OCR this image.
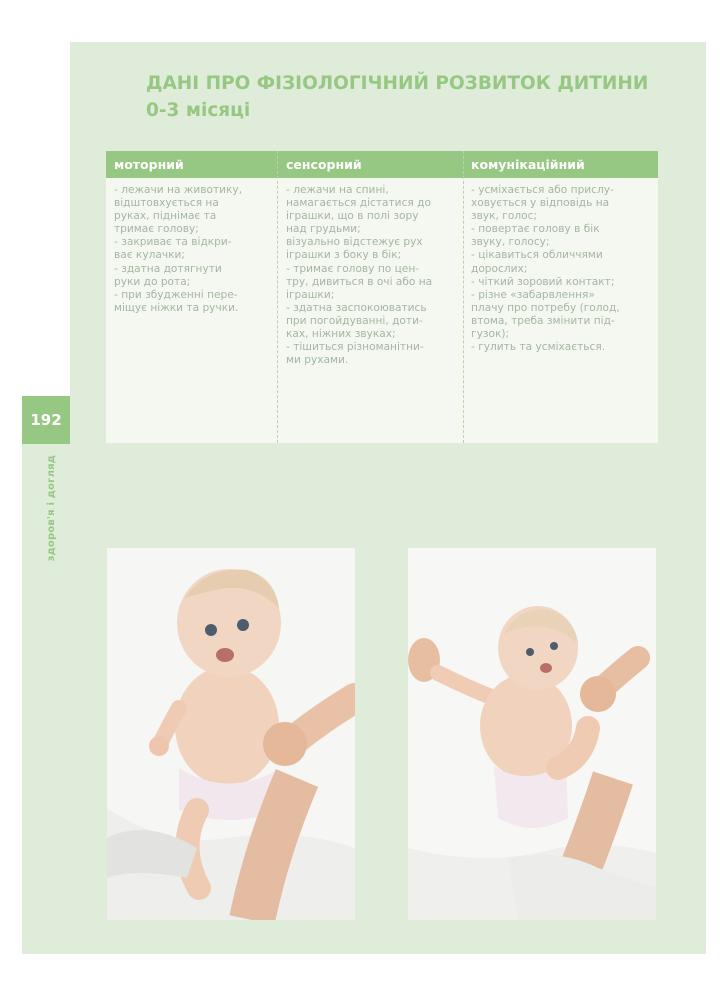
192
здоров'я і догляд
ДАНІ ПРО ФІЗІОЛОГІЧНИЙ РОЗВИТОК ДИТИНИ
0-3 місяці
моторний
- лежачи на животику,
відштовхується на
руках, піднімає та
тримає голову;
- закриває та відкри-
ває кулачки;
- здатна дотягнути
руки до рота;
- при збудженні пере-
міщує ніжки та ручки.
сенсорний
- лежачи на спині,
намагається дістатися до
іграшки, що в полі зору
над грудьми;
візуально відстежує рух
іграшки з боку в бік;
- тримає голову по цен-
тру, дивиться в очі або на
іграшки;
- здатна заспокоюватись
при погойдуванні, доти-
ках, ніжних звуках;
- тішиться різноманітни-
ми рухами.
комунікаційний
- усміхається або прислу-
ховується у відповідь на
звук, голос;
- повертає голову в бік
звуку, голосу;
- цікавиться обличчями
дорослих;
- чіткий зоровий контакт;
- різне «забарвлення»
плачу про потребу (голод,
втома, треба змінити під-
гузок);
- гулить та усміхається.
